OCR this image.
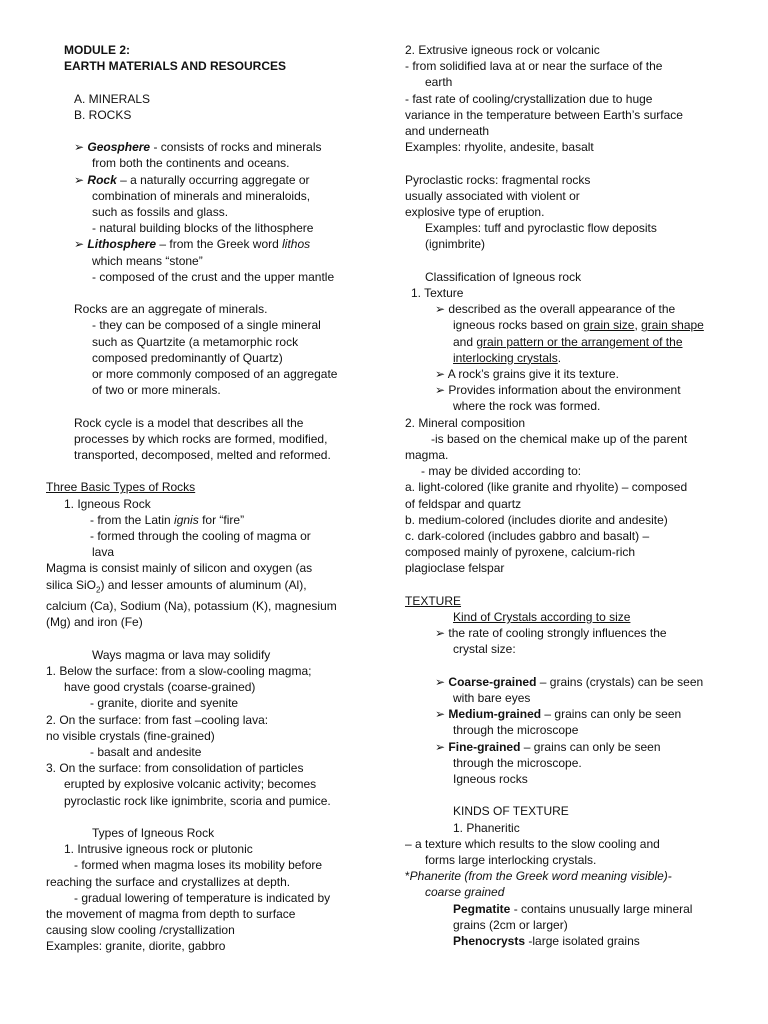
MODULE 2:
EARTH MATERIALS AND RESOURCES
A. MINERALS
B. ROCKS
➢ Geosphere - consists of rocks and minerals
from both the continents and oceans.
➢ Rock – a naturally occurring aggregate or
combination of minerals and mineraloids,
such as fossils and glass.
- natural building blocks of the lithosphere
➢ Lithosphere – from the Greek word lithos
which means “stone”
- composed of the crust and the upper mantle
Rocks are an aggregate of minerals.
- they can be composed of a single mineral
such as Quartzite (a metamorphic rock
composed predominantly of Quartz)
or more commonly composed of an aggregate
of two or more minerals.
Rock cycle is a model that describes all the
processes by which rocks are formed, modified,
transported, decomposed, melted and reformed.
Three Basic Types of Rocks
1. Igneous Rock
- from the Latin ignis for “fire”
- formed through the cooling of magma or
lava
Magma is consist mainly of silicon and oxygen (as
silica SiO$_2$) and lesser amounts of aluminum (Al),
calcium (Ca), Sodium (Na), potassium (K), magnesium
(Mg) and iron (Fe)
Ways magma or lava may solidify
1. Below the surface: from a slow-cooling magma;
have good crystals (coarse-grained)
- granite, diorite and syenite
2. On the surface: from fast –cooling lava:
no visible crystals (fine-grained)
- basalt and andesite
3. On the surface: from consolidation of particles
erupted by explosive volcanic activity; becomes
pyroclastic rock like ignimbrite, scoria and pumice.
Types of Igneous Rock
1. Intrusive igneous rock or plutonic
- formed when magma loses its mobility before
reaching the surface and crystallizes at depth.
- gradual lowering of temperature is indicated by
the movement of magma from depth to surface
causing slow cooling /crystallization
Examples: granite, diorite, gabbro
2. Extrusive igneous rock or volcanic
- from solidified lava at or near the surface of the
earth
- fast rate of cooling/crystallization due to huge
variance in the temperature between Earth’s surface
and underneath
Examples: rhyolite, andesite, basalt
Pyroclastic rocks: fragmental rocks
usually associated with violent or
explosive type of eruption.
Examples: tuff and pyroclastic flow deposits
(ignimbrite)
Classification of Igneous rock
1. Texture
➢ described as the overall appearance of the
igneous rocks based on grain size, grain shape
and grain pattern or the arrangement of the
interlocking crystals.
➢ A rock’s grains give it its texture.
➢ Provides information about the environment
where the rock was formed.
2. Mineral composition
-is based on the chemical make up of the parent
magma.
- may be divided according to:
a. light-colored (like granite and rhyolite) – composed
of feldspar and quartz
b. medium-colored (includes diorite and andesite)
c. dark-colored (includes gabbro and basalt) –
composed mainly of pyroxene, calcium-rich
plagioclase felspar
TEXTURE
Kind of Crystals according to size
➢ the rate of cooling strongly influences the
crystal size:
➢ Coarse-grained – grains (crystals) can be seen
with bare eyes
➢ Medium-grained – grains can only be seen
through the microscope
➢ Fine-grained – grains can only be seen
through the microscope.
Igneous rocks
KINDS OF TEXTURE
1. Phaneritic
– a texture which results to the slow cooling and
forms large interlocking crystals.
*Phanerite (from the Greek word meaning visible)-
coarse grained
Pegmatite - contains unusually large mineral
grains (2cm or larger)
Phenocrysts -large isolated grains
